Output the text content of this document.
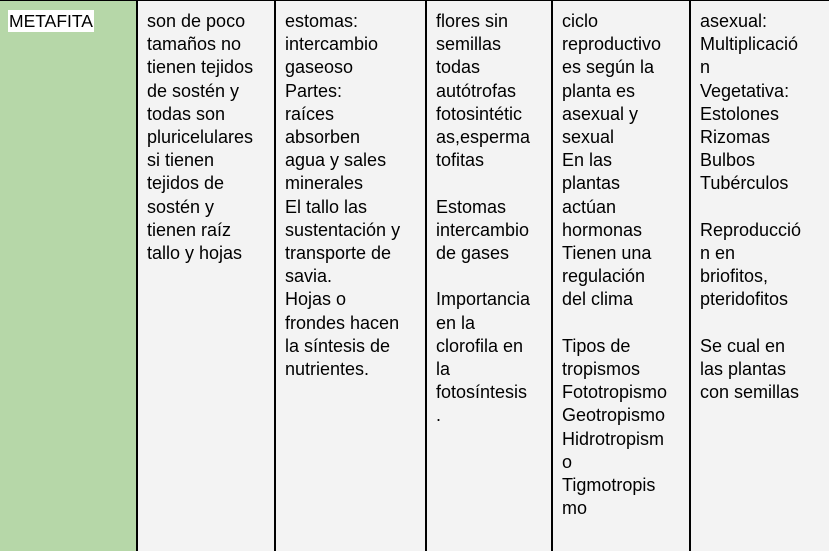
METAFITA	son de poco
tamaños no
tienen tejidos
de sostén y
todas son
pluricelulares
si tienen
tejidos de
sostén y
tienen raíz
tallo y hojas
estomas:
intercambio
gaseoso
Partes:
raíces
absorben
agua y sales
minerales
El tallo las
sustentación y
transporte de
savia.
Hojas o
frondes hacen
la síntesis de
nutrientes.
flores sin
semillas
todas
autótrofas
fotosintétic
as,esperma
tofitas
Estomas
intercambio
de gases
Importancia
en la
clorofila en
la
fotosíntesis
.
ciclo
reproductivo
es según la
planta es
asexual y
sexual
En las
plantas
actúan
hormonas
Tienen una
regulación
del clima
Tipos de
tropismos
Fototropismo
Geotropismo
Hidrotropism
o
Tigmotropis
mo
asexual:
Multiplicació
n
Vegetativa:
Estolones
Rizomas
Bulbos
Tubérculos
Reproducció
n en
briofitos,
pteridofitos
Se cual en
las plantas
con semillas
